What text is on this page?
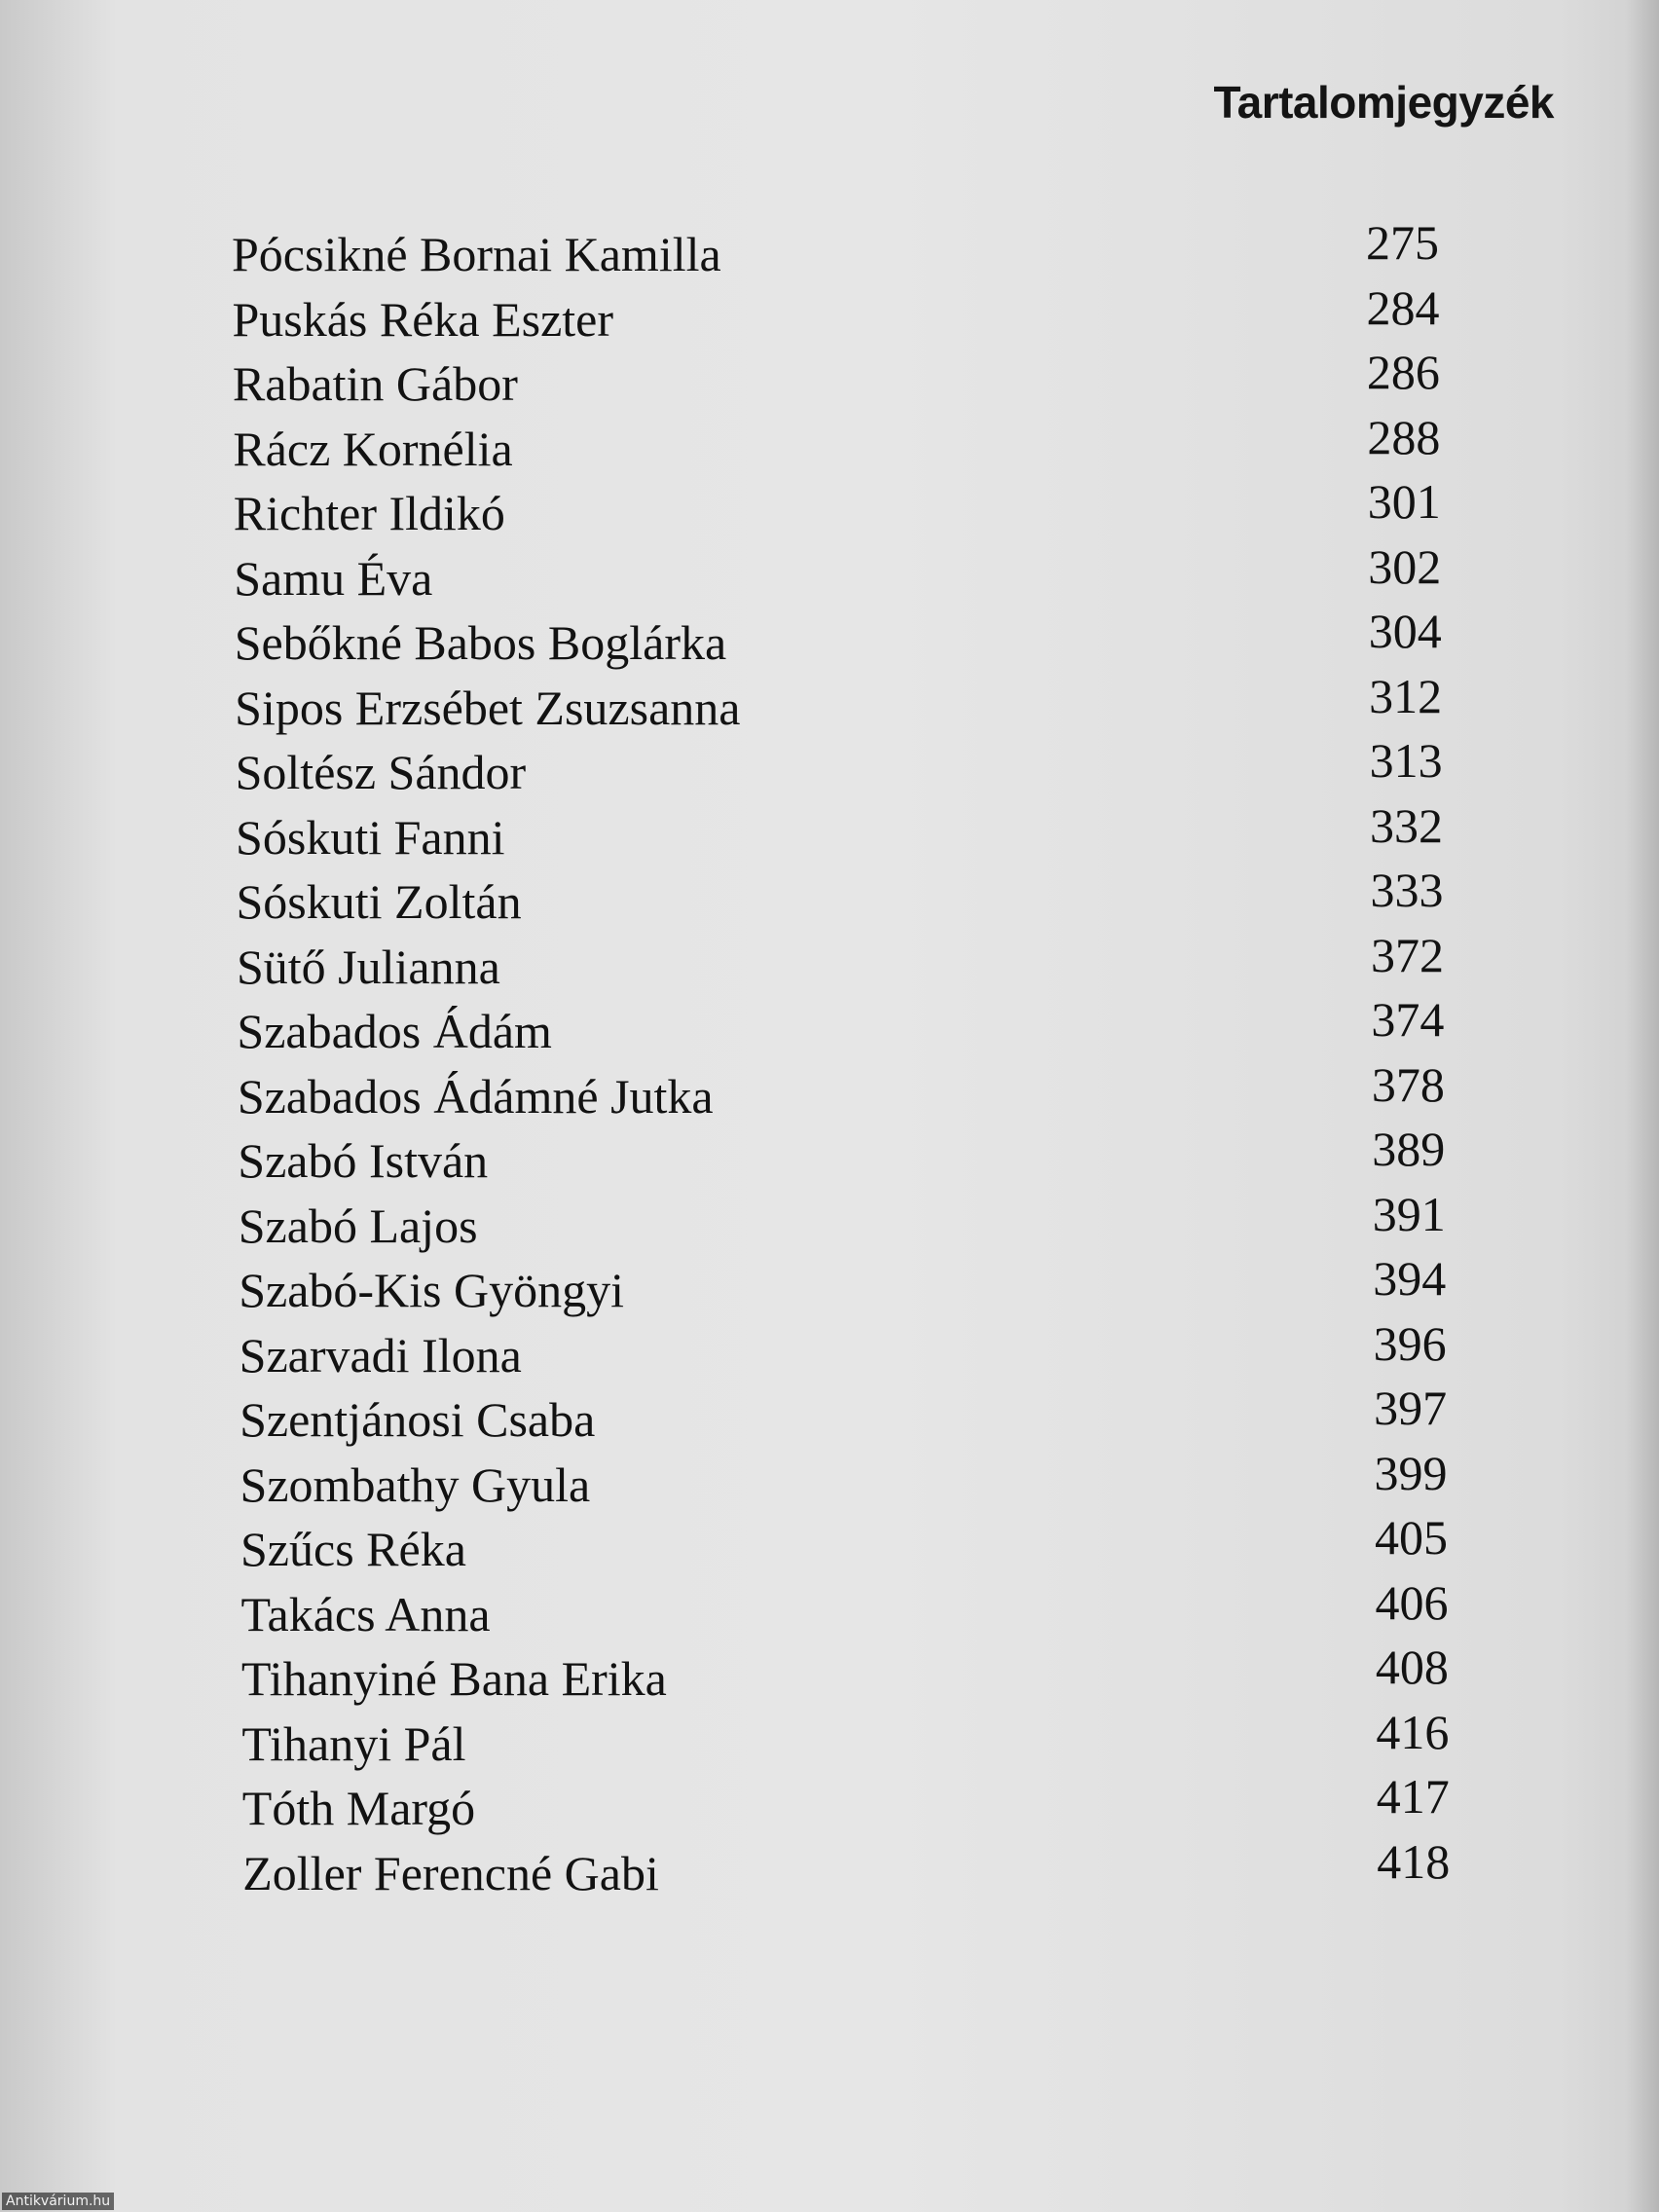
Tartalomjegyzék
Pócsikné Bornai Kamilla	275
Puskás Réka Eszter	284
Rabatin Gábor	286
Rácz Kornélia	288
Richter Ildikó	301
Samu Éva	302
Sebőkné Babos Boglárka	304
Sipos Erzsébet Zsuzsanna	312
Soltész Sándor	313
Sóskuti Fanni	332
Sóskuti Zoltán	333
Sütő Julianna	372
Szabados Ádám	374
Szabados Ádámné Jutka	378
Szabó István	389
Szabó Lajos	391
Szabó-Kis Gyöngyi	394
Szarvadi Ilona	396
Szentjánosi Csaba	397
Szombathy Gyula	399
Szűcs Réka	405
Takács Anna	406
Tihanyiné Bana Erika	408
Tihanyi Pál	416
Tóth Margó	417
Zoller Ferencné Gabi	418
Antikvárium.hu
